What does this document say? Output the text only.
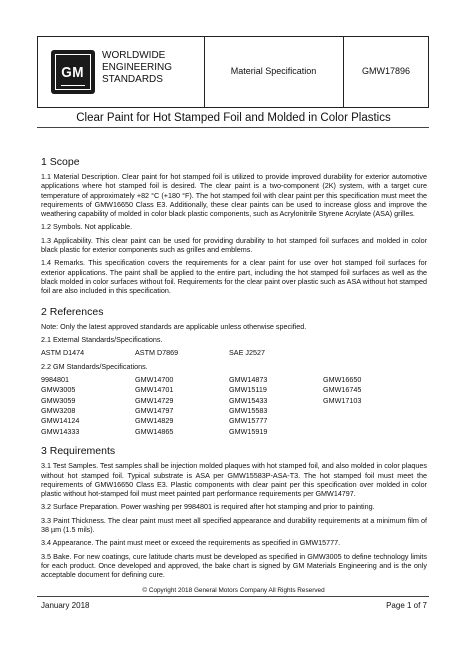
GM
WORLDWIDE
ENGINEERING
STANDARDS
Material Specification	GMW17896
Clear Paint for Hot Stamped Foil and Molded in Color Plastics
1 Scope

1.1 Material Description. Clear paint for hot stamped foil is utilized to provide improved durability for exterior automotive applications where hot stamped foil is desired. The clear paint is a two-component (2K) system, with a target cure temperature of approximately +82 °C (+180 °F). The hot stamped foil with clear paint per this specification must meet the requirements of GMW16650 Class E3. Additionally, these clear paints can be used to increase gloss and improve the weathering capability of molded in color black plastic components, such as Acrylonitrile Styrene Acrylate (ASA) grilles.

1.2 Symbols. Not applicable.

1.3 Applicability. This clear paint can be used for providing durability to hot stamped foil surfaces and molded in color black plastic for exterior components such as grilles and emblems.

1.4 Remarks. This specification covers the requirements for a clear paint for use over hot stamped foil surfaces for exterior applications. The paint shall be applied to the entire part, including the hot stamped foil surfaces as well as the black molded in color surfaces without foil. Requirements for the clear paint over plastic such as ASA without hot stamped foil are also included in this specification.

2 References

Note: Only the latest approved standards are applicable unless otherwise specified.

2.1 External Standards/Specifications.

ASTM D1474	ASTM D7869	SAE J2527

2.2 GM Standards/Specifications.

9984801	GMW14700	GMW14873	GMW16650
GMW3005	GMW14701	GMW15119	GMW16745
GMW3059	GMW14729	GMW15433	GMW17103
GMW3208	GMW14797	GMW15583
GMW14124	GMW14829	GMW15777
GMW14333	GMW14865	GMW15919
3 Requirements

3.1 Test Samples. Test samples shall be injection molded plaques with hot stamped foil, and also molded in color plaques without hot stamped foil. Typical substrate is ASA per GMW15583P-ASA-T3. The hot stamped foil must meet the requirements of GMW16650 Class E3. Plastic components with clear paint per this specification over molded in color plastic without hot-stamped foil must meet painted part performance requirements per GMW14797.

3.2 Surface Preparation. Power washing per 9984801 is required after hot stamping and prior to painting.

3.3 Paint Thickness. The clear paint must meet all specified appearance and durability requirements at a minimum film of 38 µm (1.5 mils).

3.4 Appearance. The paint must meet or exceed the requirements as specified in GMW15777.

3.5 Bake. For new coatings, cure latitude charts must be developed as specified in GMW3005 to define technology limits for each product. Once developed and approved, the bake chart is signed by GM Materials Engineering and is the only acceptable document for defining cure.

© Copyright 2018 General Motors Company All Rights Reserved
January 2018	Page 1 of 7
